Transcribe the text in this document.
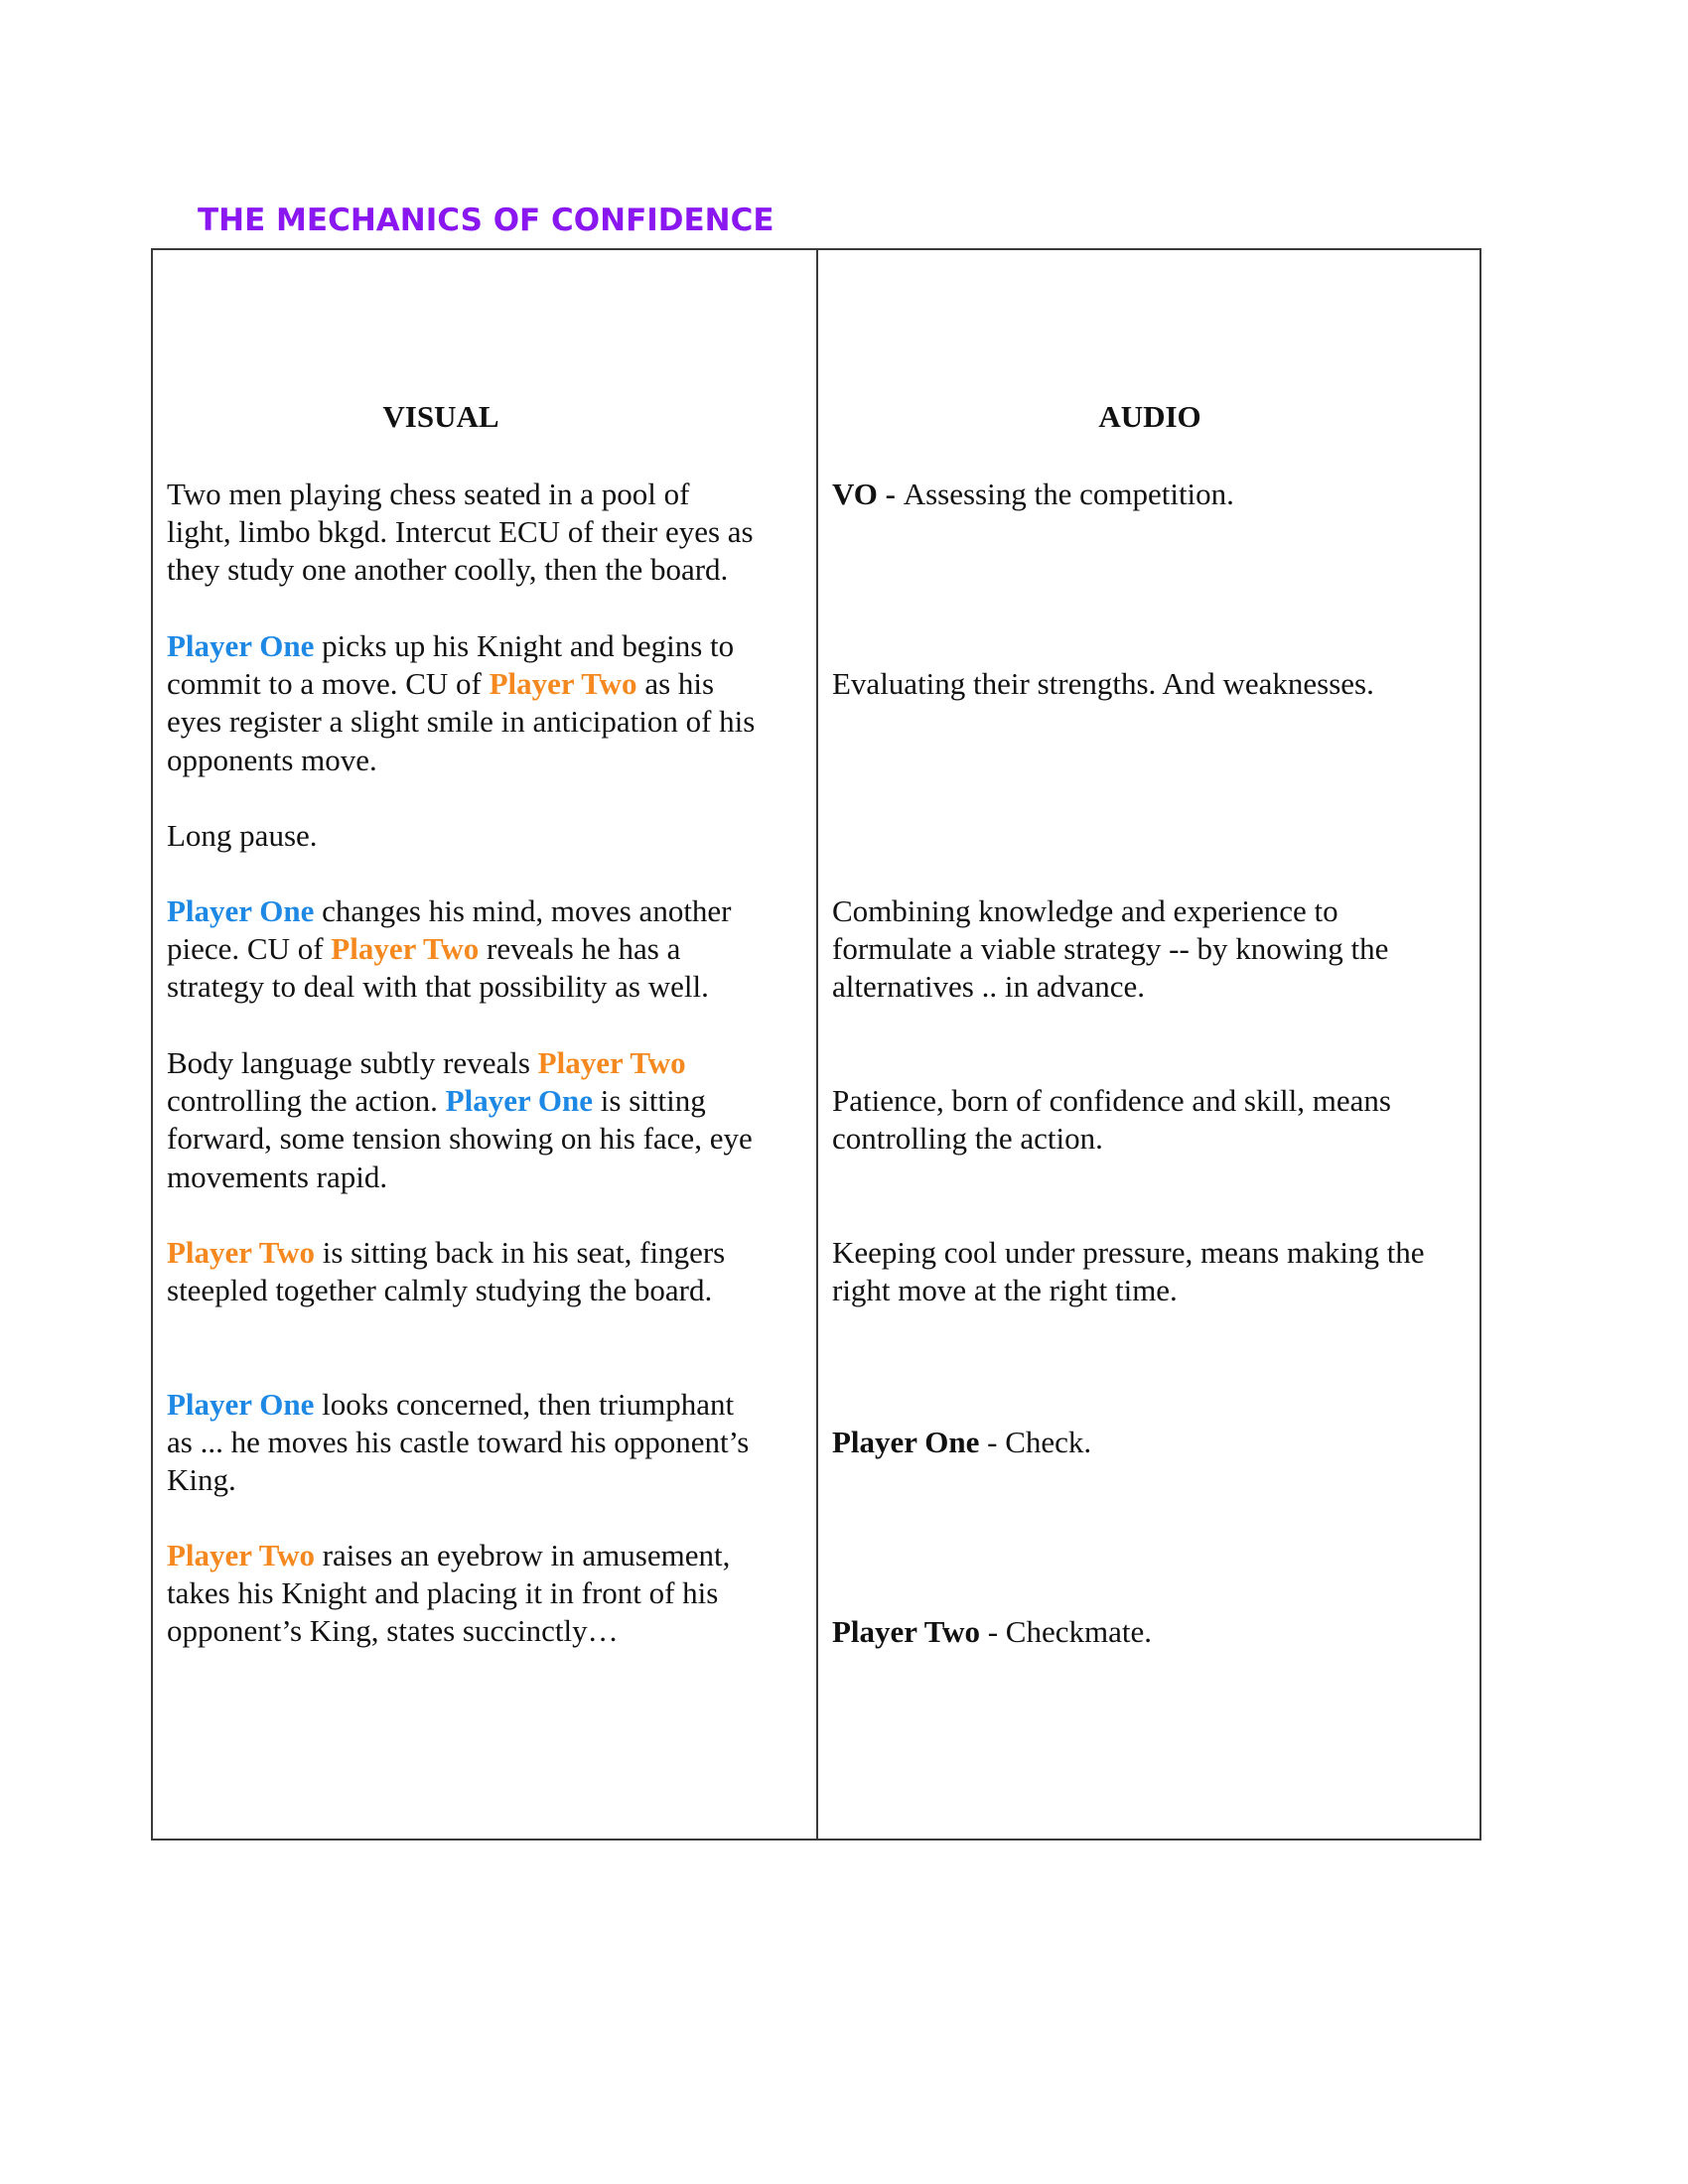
THE MECHANICS OF CONFIDENCE
VISUAL	AUDIO
Two men playing chess seated in a pool of
light, limbo bkgd. Intercut ECU of their eyes as
they study one another coolly, then the board.
Player One picks up his Knight and begins to
commit to a move. CU of Player Two as his
eyes register a slight smile in anticipation of his
opponents move.
Long pause.
Player One changes his mind, moves another
piece. CU of Player Two reveals he has a
strategy to deal with that possibility as well.
Body language subtly reveals Player Two
controlling the action. Player One is sitting
forward, some tension showing on his face, eye
movements rapid.
Player Two is sitting back in his seat, fingers
steepled together calmly studying the board.
Player One looks concerned, then triumphant
as ... he moves his castle toward his opponent’s
King.
Player Two raises an eyebrow in amusement,
takes his Knight and placing it in front of his
opponent’s King, states succinctly…
VO - Assessing the competition.
Evaluating their strengths. And weaknesses.
Combining knowledge and experience to
formulate a viable strategy -- by knowing the
alternatives .. in advance.
Patience, born of confidence and skill, means
controlling the action.
Keeping cool under pressure, means making the
right move at the right time.
Player One - Check.
Player Two - Checkmate.
